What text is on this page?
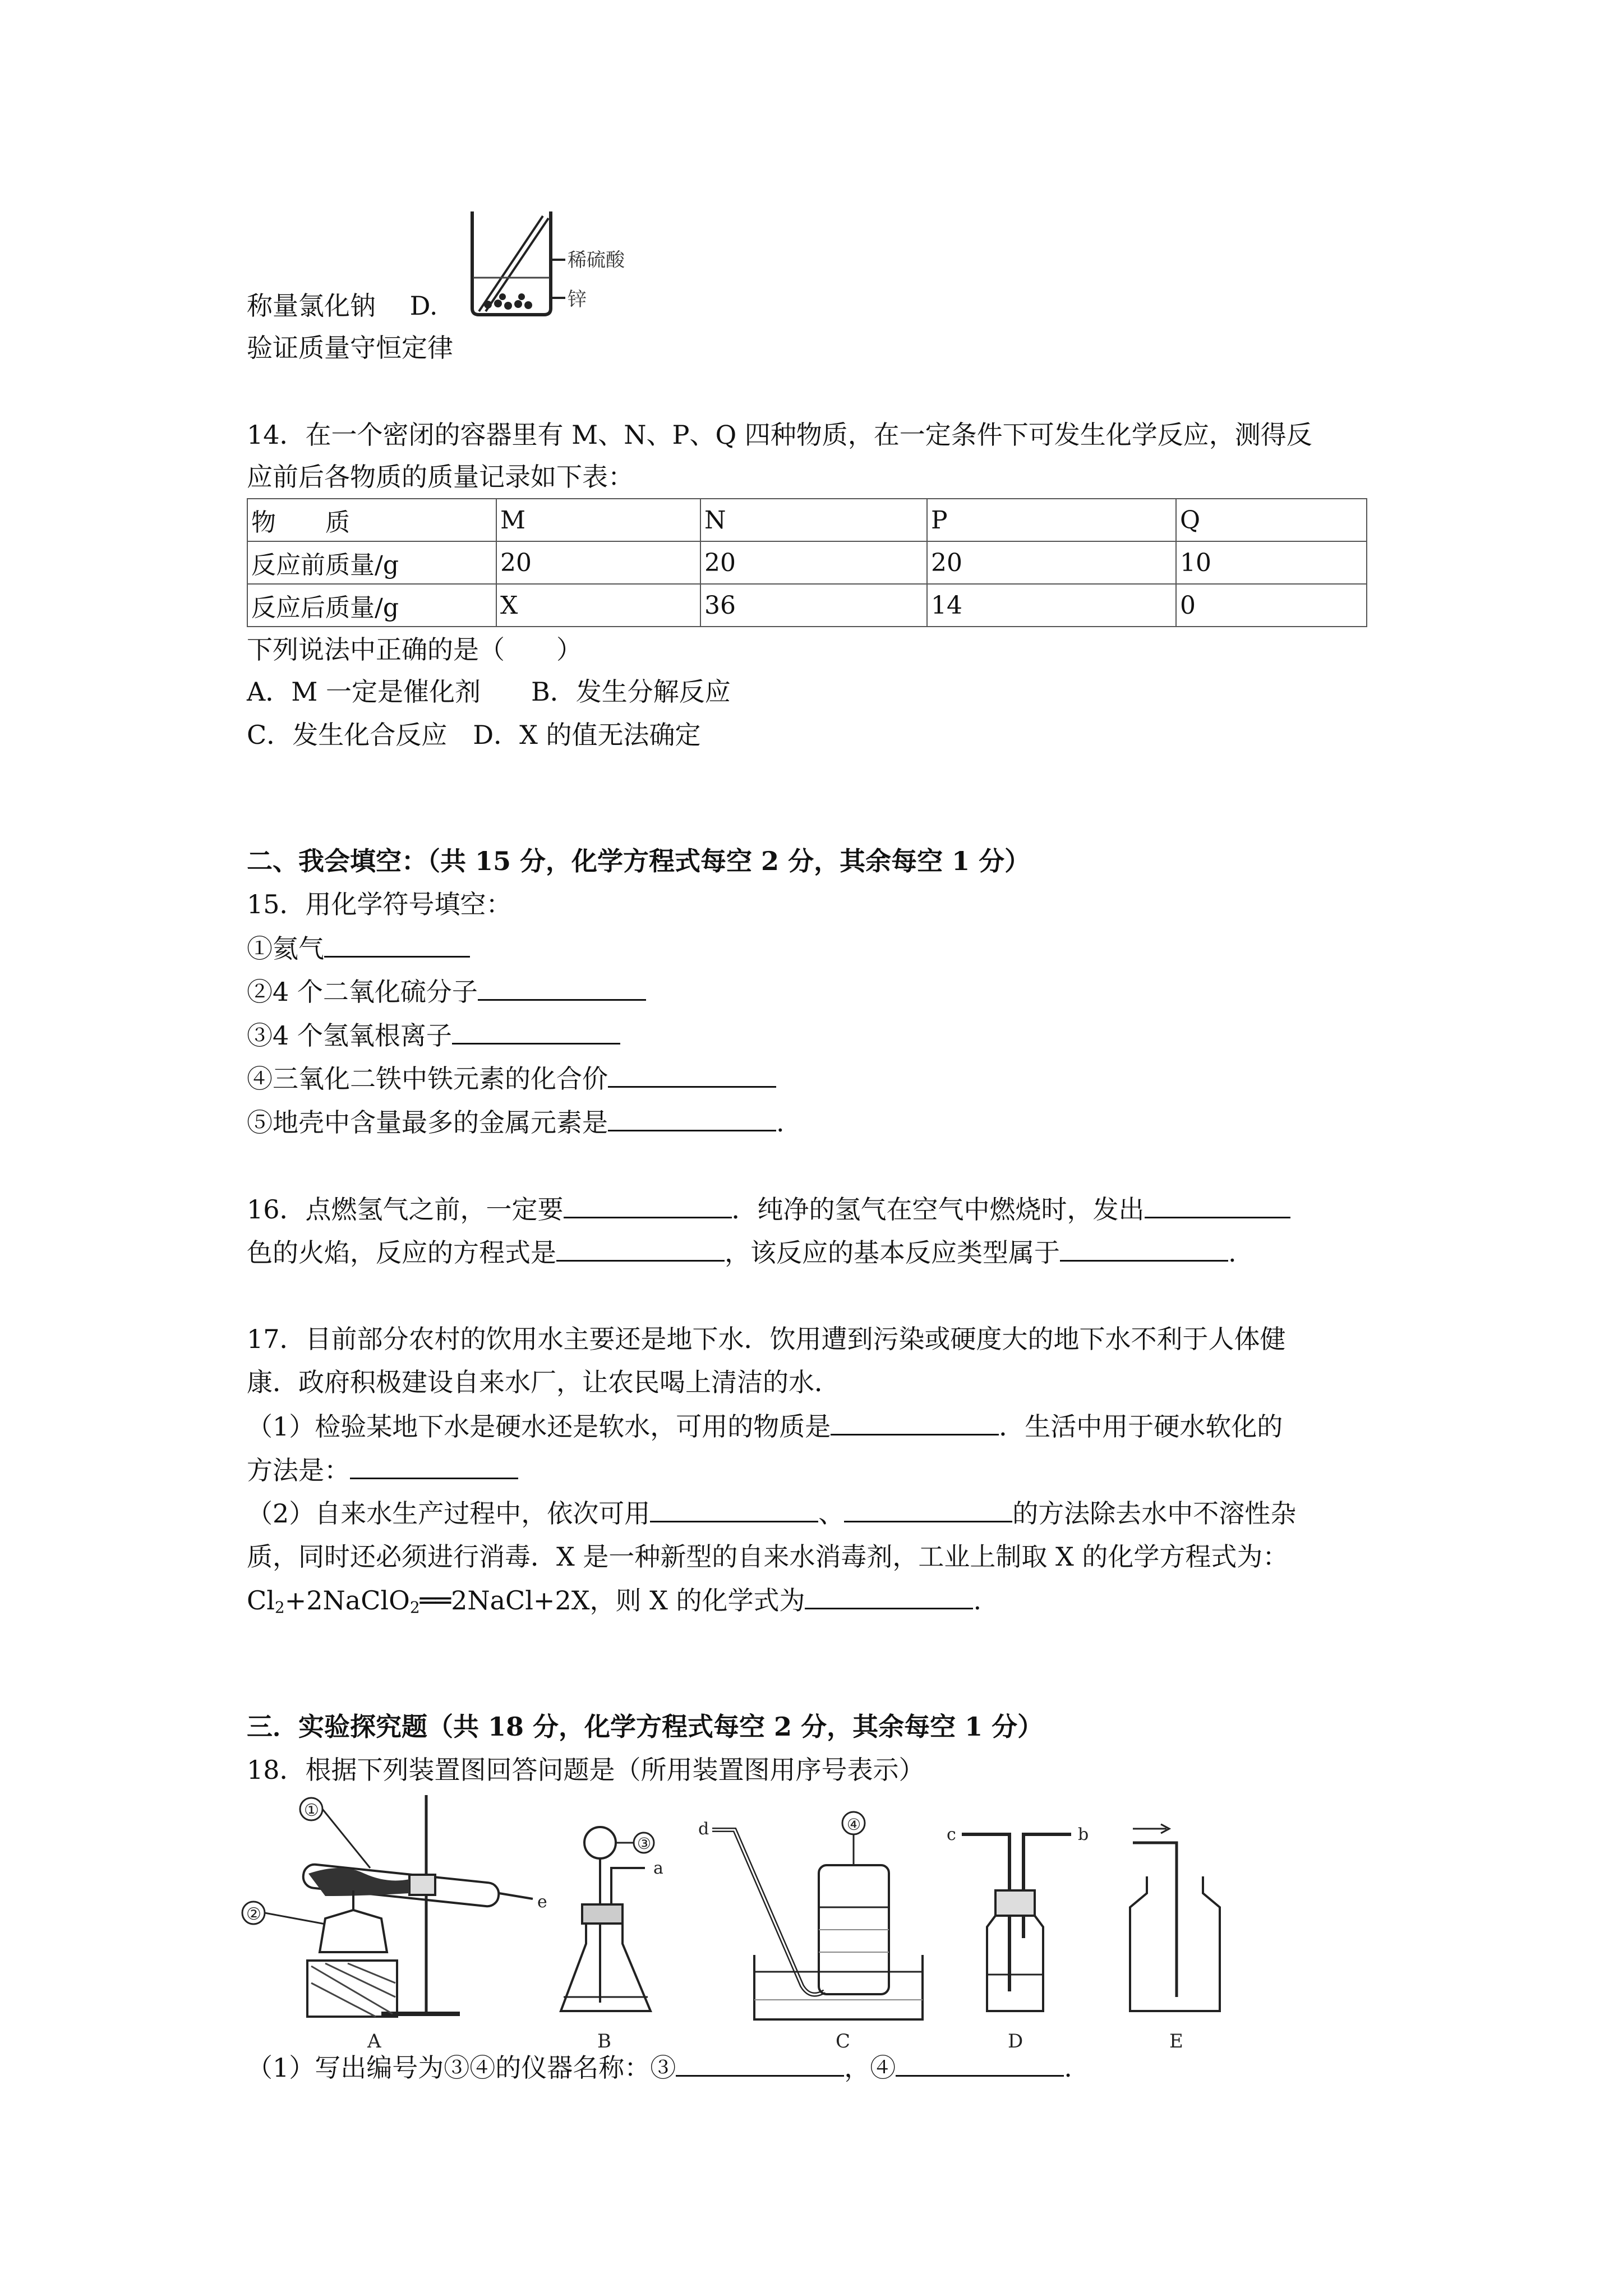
稀硫酸
锌
称量氯化钠　 D.
验证质量守恒定律
14．在一个密闭的容器里有 M、N、P、Q 四种物质，在一定条件下可发生化学反应，测得反
应前后各物质的质量记录如下表：
物　　质	M	N	P	Q
反应前质量/g	20	20	20	10
反应后质量/g	X	36	14	0
下列说法中正确的是（　　）
A．M 一定是催化剂 B．发生分解反应
C．发生化合反应　 D．X 的值无法确定
二、我会填空：（共 15 分，化学方程式每空 2 分，其余每空 1 分）
15．用化学符号填空：
①氦气
②4 个二氧化硫分子
③4 个氢氧根离子
④三氧化二铁中铁元素的化合价
⑤地壳中含量最多的金属元素是	.
16．点燃氢气之前，一定要	．纯净的氢气在空气中燃烧时，发出
色的火焰，反应的方程式是	，该反应的基本反应类型属于	.
17．目前部分农村的饮用水主要还是地下水．饮用遭到污染或硬度大的地下水不利于人体健
康．政府积极建设自来水厂，让农民喝上清洁的水．
（1）检验某地下水是硬水还是软水，可用的物质是	．生活中用于硬水软化的
方法是：
（2）自来水生产过程中，依次可用	、	的方法除去水中不溶性杂
质，同时还必须进行消毒．X 是一种新型的自来水消毒剂，工业上制取 X 的化学方程式为：
$Cl_2+2NaClO_2══2NaCl+2X$，则 X 的化学式为	.
三．实验探究题（共 18 分，化学方程式每空 2 分，其余每空 1 分）
18．根据下列装置图回答问题是（所用装置图用序号表示）
①
②
e
A
③
a
B
d	④
C
c	b
D	E
（1）写出编号为③④的仪器名称：③	，④	.
